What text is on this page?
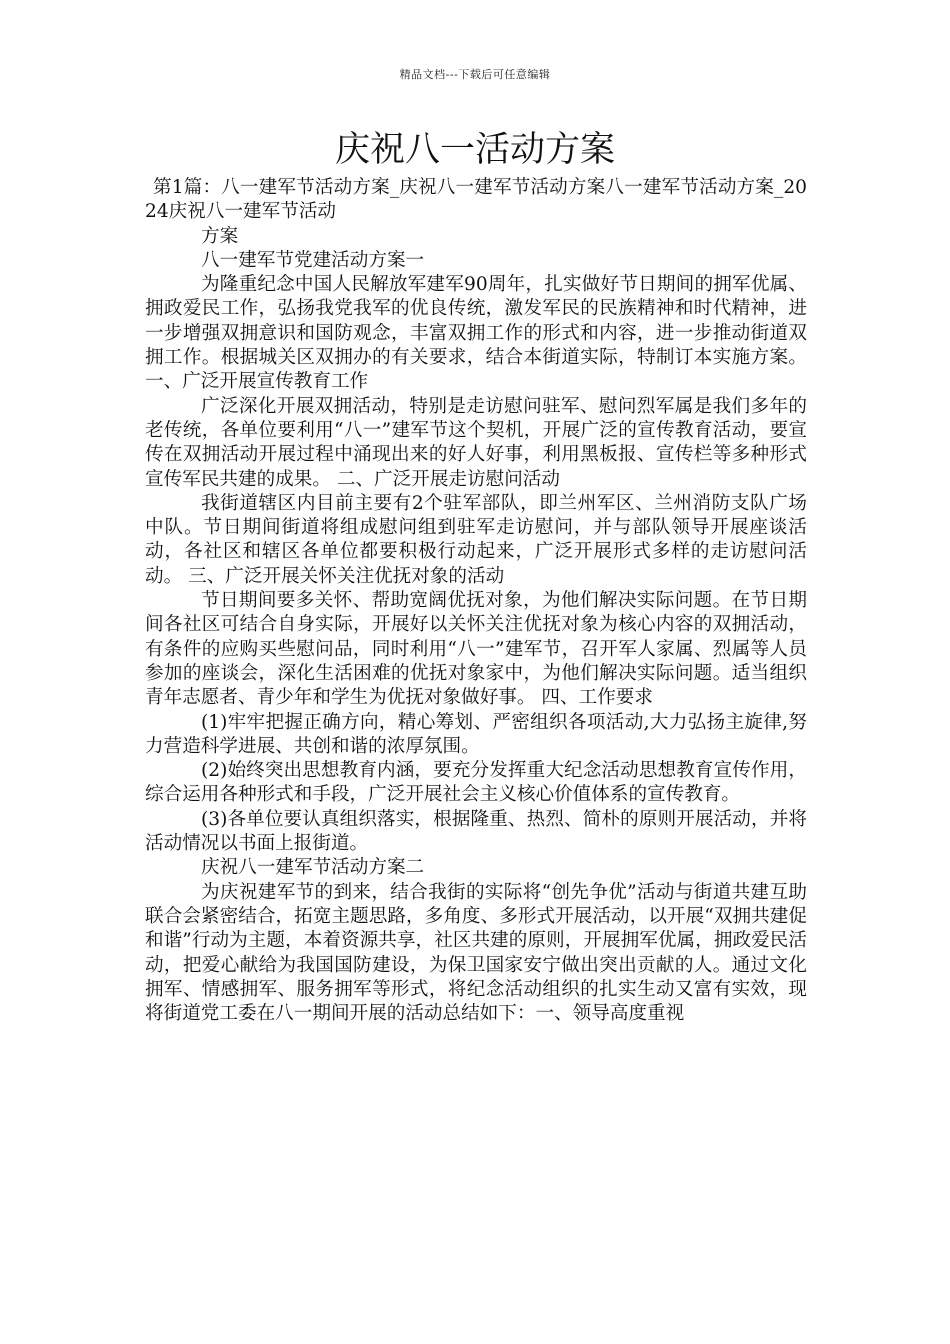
精品文档---下载后可任意编辑
庆祝八一活动方案

第1篇：八一建军节活动方案_庆祝八一建军节活动方案八一建军节活动方案_2024庆祝八一建军节活动

方案

八一建军节党建活动方案一

为隆重纪念中国人民解放军建军90周年，扎实做好节日期间的拥军优属、拥政爱民工作，弘扬我党我军的优良传统，激发军民的民族精神和时代精神，进一步增强双拥意识和国防观念，丰富双拥工作的形式和内容，进一步推动街道双拥工作。根据城关区双拥办的有关要求，结合本街道实际，特制订本实施方案。 一、广泛开展宣传教育工作

广泛深化开展双拥活动，特别是走访慰问驻军、慰问烈军属是我们多年的老传统，各单位要利用“八一”建军节这个契机，开展广泛的宣传教育活动，要宣传在双拥活动开展过程中涌现出来的好人好事，利用黑板报、宣传栏等多种形式宣传军民共建的成果。 二、广泛开展走访慰问活动

我街道辖区内目前主要有2个驻军部队，即兰州军区、兰州消防支队广场中队。节日期间街道将组成慰问组到驻军走访慰问，并与部队领导开展座谈活动，各社区和辖区各单位都要积极行动起来，广泛开展形式多样的走访慰问活动。 三、广泛开展关怀关注优抚对象的活动

节日期间要多关怀、帮助宽阔优抚对象，为他们解决实际问题。在节日期间各社区可结合自身实际，开展好以关怀关注优抚对象为核心内容的双拥活动，有条件的应购买些慰问品，同时利用“八一”建军节，召开军人家属、烈属等人员参加的座谈会，深化生活困难的优抚对象家中，为他们解决实际问题。适当组织青年志愿者、青少年和学生为优抚对象做好事。 四、工作要求

(1)牢牢把握正确方向，精心筹划、严密组织各项活动,大力弘扬主旋律,努力营造科学进展、共创和谐的浓厚氛围。

(2)始终突出思想教育内涵，要充分发挥重大纪念活动思想教育宣传作用，综合运用各种形式和手段，广泛开展社会主义核心价值体系的宣传教育。

(3)各单位要认真组织落实，根据隆重、热烈、简朴的原则开展活动，并将活动情况以书面上报街道。

庆祝八一建军节活动方案二

为庆祝建军节的到来，结合我街的实际将“创先争优”活动与街道共建互助联合会紧密结合，拓宽主题思路，多角度、多形式开展活动，以开展“双拥共建促和谐”行动为主题，本着资源共享，社区共建的原则，开展拥军优属，拥政爱民活动，把爱心献给为我国国防建设，为保卫国家安宁做出突出贡献的人。通过文化拥军、情感拥军、服务拥军等形式，将纪念活动组织的扎实生动又富有实效，现将街道党工委在八一期间开展的活动总结如下：一、领导高度重视
